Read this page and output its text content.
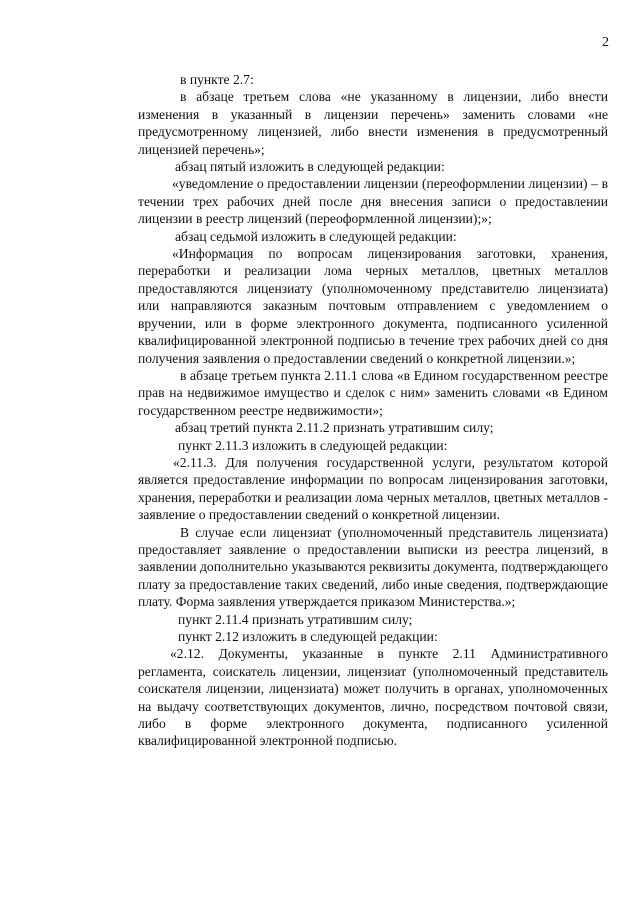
2

в пункте 2.7:

в абзаце третьем слова «не указанному в лицензии, либо внести изменения в указанный в лицензии перечень» заменить словами «не предусмотренному лицензией, либо внести изменения в предусмотренный лицензией перечень»;

абзац пятый изложить в следующей редакции:

«уведомление о предоставлении лицензии (переоформлении лицензии) – в течении трех рабочих дней после дня внесения записи о предоставлении лицензии в реестр лицензий (переоформленной лицензии);»;

абзац седьмой изложить в следующей редакции:

«Информация по вопросам лицензирования заготовки, хранения, переработки и реализации лома черных металлов, цветных металлов предоставляются лицензиату (уполномоченному представителю лицензиата) или направляются заказным почтовым отправлением с уведомлением о вручении, или в форме электронного документа, подписанного усиленной квалифицированной электронной подписью в течение трех рабочих дней со дня получения заявления о предоставлении сведений о конкретной лицензии.»;

в абзаце третьем пункта 2.11.1 слова «в Едином государственном реестре прав на недвижимое имущество и сделок с ним» заменить словами «в Едином государственном реестре недвижимости»;

абзац третий пункта 2.11.2 признать утратившим силу;

пункт 2.11.3 изложить в следующей редакции:

«2.11.3. Для получения государственной услуги, результатом которой является предоставление информации по вопросам лицензирования заготовки, хранения, переработки и реализации лома черных металлов, цветных металлов - заявление о предоставлении сведений о конкретной лицензии.

В случае если лицензиат (уполномоченный представитель лицензиата) предоставляет заявление о предоставлении выписки из реестра лицензий, в заявлении дополнительно указываются реквизиты документа, подтверждающего плату за предоставление таких сведений, либо иные сведения, подтверждающие плату. Форма заявления утверждается приказом Министерства.»;

пункт 2.11.4 признать утратившим силу;

пункт 2.12 изложить в следующей редакции:

«2.12. Документы, указанные в пункте 2.11 Административного регламента, соискатель лицензии, лицензиат (уполномоченный представитель соискателя лицензии, лицензиата) может получить в органах, уполномоченных на выдачу соответствующих документов, лично, посредством почтовой связи, либо в форме электронного документа, подписанного усиленной квалифицированной электронной подписью.
